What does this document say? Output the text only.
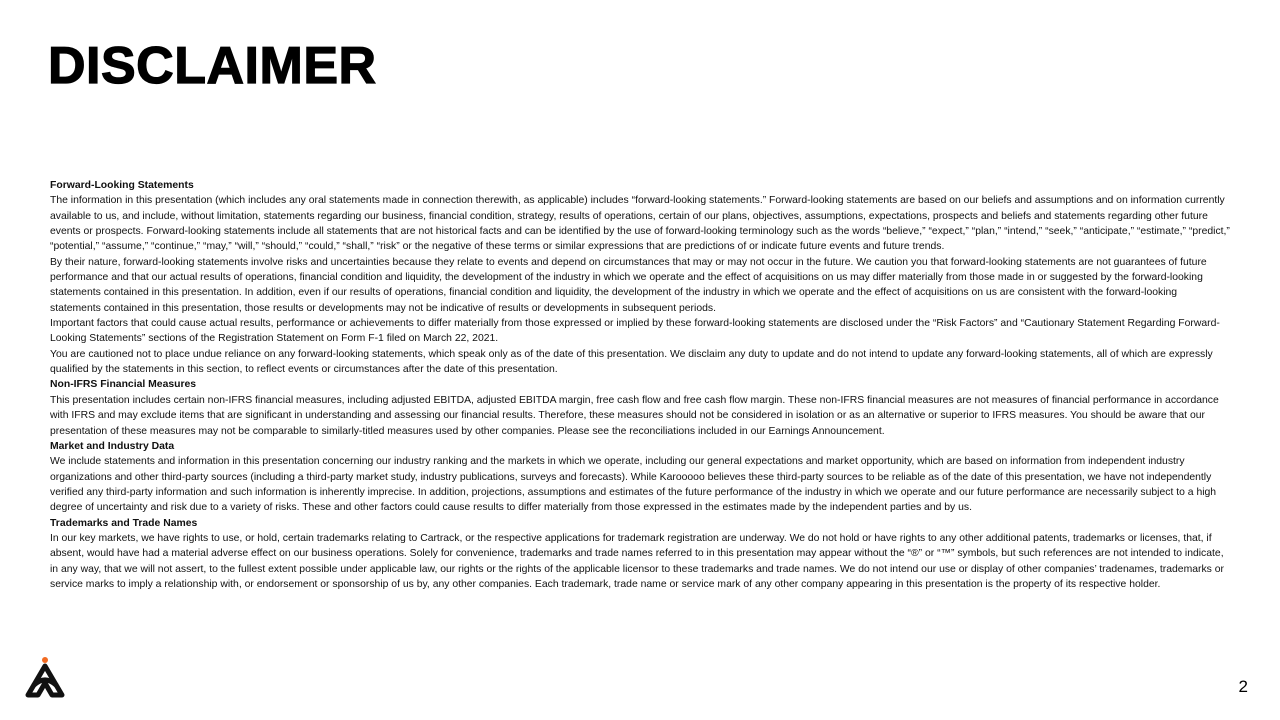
DISCLAIMER

Forward-Looking Statements

The information in this presentation (which includes any oral statements made in connection therewith, as applicable) includes “forward-looking statements.” Forward-looking statements are based on our beliefs and assumptions and on information currently available to us, and include, without limitation, statements regarding our business, financial condition, strategy, results of operations, certain of our plans, objectives, assumptions, expectations, prospects and beliefs and statements regarding other future events or prospects. Forward-looking statements include all statements that are not historical facts and can be identified by the use of forward-looking terminology such as the words “believe,” “expect,” “plan,” “intend,” “seek,” “anticipate,” “estimate,” “predict,” “potential,” “assume,” “continue,” “may,” “will,” “should,” “could,” “shall,” “risk” or the negative of these terms or similar expressions that are predictions of or indicate future events and future trends.

By their nature, forward-looking statements involve risks and uncertainties because they relate to events and depend on circumstances that may or may not occur in the future. We caution you that forward-looking statements are not guarantees of future performance and that our actual results of operations, financial condition and liquidity, the development of the industry in which we operate and the effect of acquisitions on us may differ materially from those made in or suggested by the forward-looking statements contained in this presentation. In addition, even if our results of operations, financial condition and liquidity, the development of the industry in which we operate and the effect of acquisitions on us are consistent with the forward-looking statements contained in this presentation, those results or developments may not be indicative of results or developments in subsequent periods.

Important factors that could cause actual results, performance or achievements to differ materially from those expressed or implied by these forward-looking statements are disclosed under the “Risk Factors” and “Cautionary Statement Regarding Forward-Looking Statements” sections of the Registration Statement on Form F-1 filed on March 22, 2021.

You are cautioned not to place undue reliance on any forward-looking statements, which speak only as of the date of this presentation. We disclaim any duty to update and do not intend to update any forward-looking statements, all of which are expressly qualified by the statements in this section, to reflect events or circumstances after the date of this presentation.

Non-IFRS Financial Measures

This presentation includes certain non-IFRS financial measures, including adjusted EBITDA, adjusted EBITDA margin, free cash flow and free cash flow margin. These non-IFRS financial measures are not measures of financial performance in accordance with IFRS and may exclude items that are significant in understanding and assessing our financial results. Therefore, these measures should not be considered in isolation or as an alternative or superior to IFRS measures. You should be aware that our presentation of these measures may not be comparable to similarly-titled measures used by other companies. Please see the reconciliations included in our Earnings Announcement.

Market and Industry Data

We include statements and information in this presentation concerning our industry ranking and the markets in which we operate, including our general expectations and market opportunity, which are based on information from independent industry organizations and other third-party sources (including a third-party market study, industry publications, surveys and forecasts). While Karooooo believes these third-party sources to be reliable as of the date of this presentation, we have not independently verified any third-party information and such information is inherently imprecise. In addition, projections, assumptions and estimates of the future performance of the industry in which we operate and our future performance are necessarily subject to a high degree of uncertainty and risk due to a variety of risks. These and other factors could cause results to differ materially from those expressed in the estimates made by the independent parties and by us.

Trademarks and Trade Names

In our key markets, we have rights to use, or hold, certain trademarks relating to Cartrack, or the respective applications for trademark registration are underway. We do not hold or have rights to any other additional patents, trademarks or licenses, that, if absent, would have had a material adverse effect on our business operations. Solely for convenience, trademarks and trade names referred to in this presentation may appear without the “®” or “™” symbols, but such references are not intended to indicate, in any way, that we will not assert, to the fullest extent possible under applicable law, our rights or the rights of the applicable licensor to these trademarks and trade names. We do not intend our use or display of other companies’ tradenames, trademarks or service marks to imply a relationship with, or endorsement or sponsorship of us by, any other companies. Each trademark, trade name or service mark of any other company appearing in this presentation is the property of its respective holder.

2
